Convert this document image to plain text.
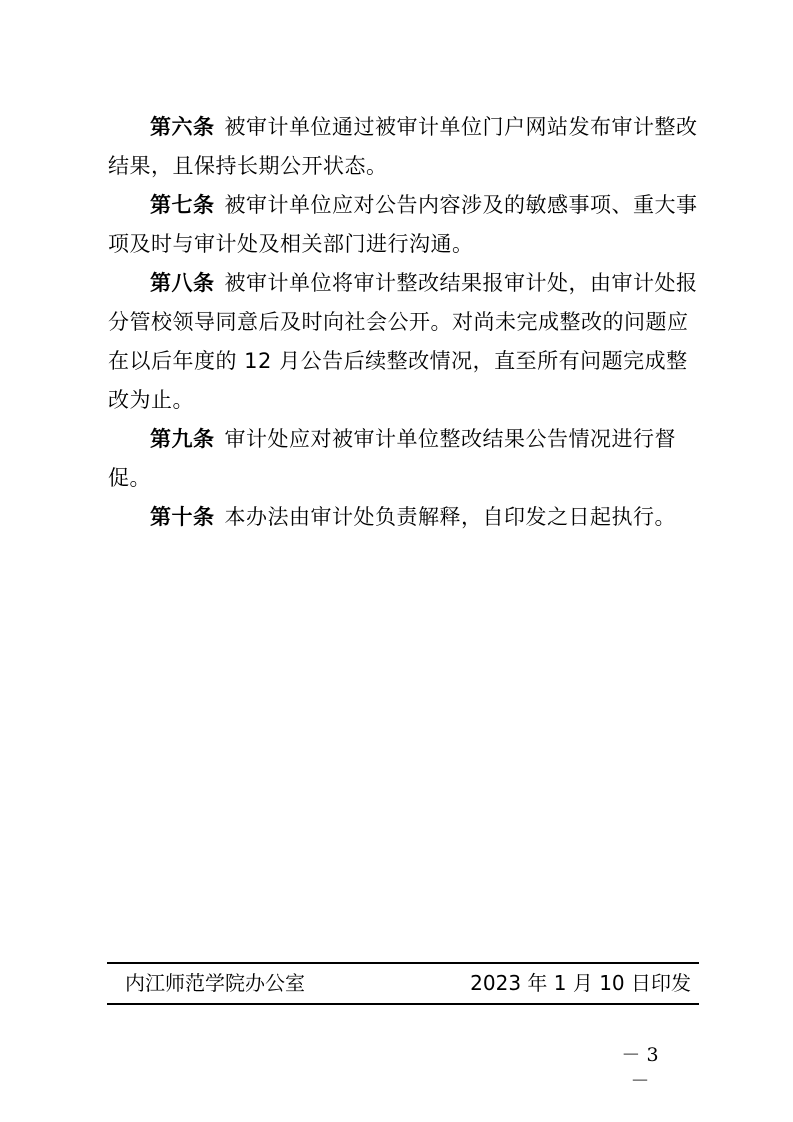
第六条 被审计单位通过被审计单位门户网站发布审计整改结果，且保持长期公开状态。

第七条 被审计单位应对公告内容涉及的敏感事项、重大事项及时与审计处及相关部门进行沟通。

第八条 被审计单位将审计整改结果报审计处，由审计处报分管校领导同意后及时向社会公开。对尚未完成整改的问题应在以后年度的 12 月公告后续整改情况，直至所有问题完成整改为止。

第九条 审计处应对被审计单位整改结果公告情况进行督促。

第十条 本办法由审计处负责解释，自印发之日起执行。

内江师范学院办公室	2023 年 1 月 10 日印发
－ 3 －
